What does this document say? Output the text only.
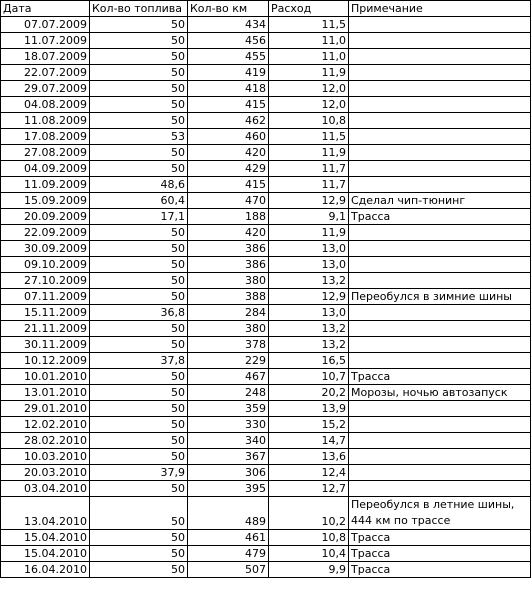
Дата	Кол-во топлива	Кол-во км	Расход	Примечание
07.07.2009	50	434	11,5	
11.07.2009	50	456	11,0	
18.07.2009	50	455	11,0	
22.07.2009	50	419	11,9	
29.07.2009	50	418	12,0	
04.08.2009	50	415	12,0	
11.08.2009	50	462	10,8	
17.08.2009	53	460	11,5	
27.08.2009	50	420	11,9	
04.09.2009	50	429	11,7	
11.09.2009	48,6	415	11,7	
15.09.2009	60,4	470	12,9	Сделал чип-тюнинг
20.09.2009	17,1	188	9,1	Трасса
22.09.2009	50	420	11,9	
30.09.2009	50	386	13,0	
09.10.2009	50	386	13,0	
27.10.2009	50	380	13,2	
07.11.2009	50	388	12,9	Переобулся в зимние шины
15.11.2009	36,8	284	13,0	
21.11.2009	50	380	13,2	
30.11.2009	50	378	13,2	
10.12.2009	37,8	229	16,5	
10.01.2010	50	467	10,7	Трасса
13.01.2010	50	248	20,2	Морозы, ночью автозапуск
29.01.2010	50	359	13,9	
12.02.2010	50	330	15,2	
28.02.2010	50	340	14,7	
10.03.2010	50	367	13,6	
20.03.2010	37,9	306	12,4	
03.04.2010	50	395	12,7	
13.04.2010	50	489	10,2	Переобулся в летние шины, 444 км по трассе
15.04.2010	50	461	10,8	Трасса
15.04.2010	50	479	10,4	Трасса
16.04.2010	50	507	9,9	Трасса
